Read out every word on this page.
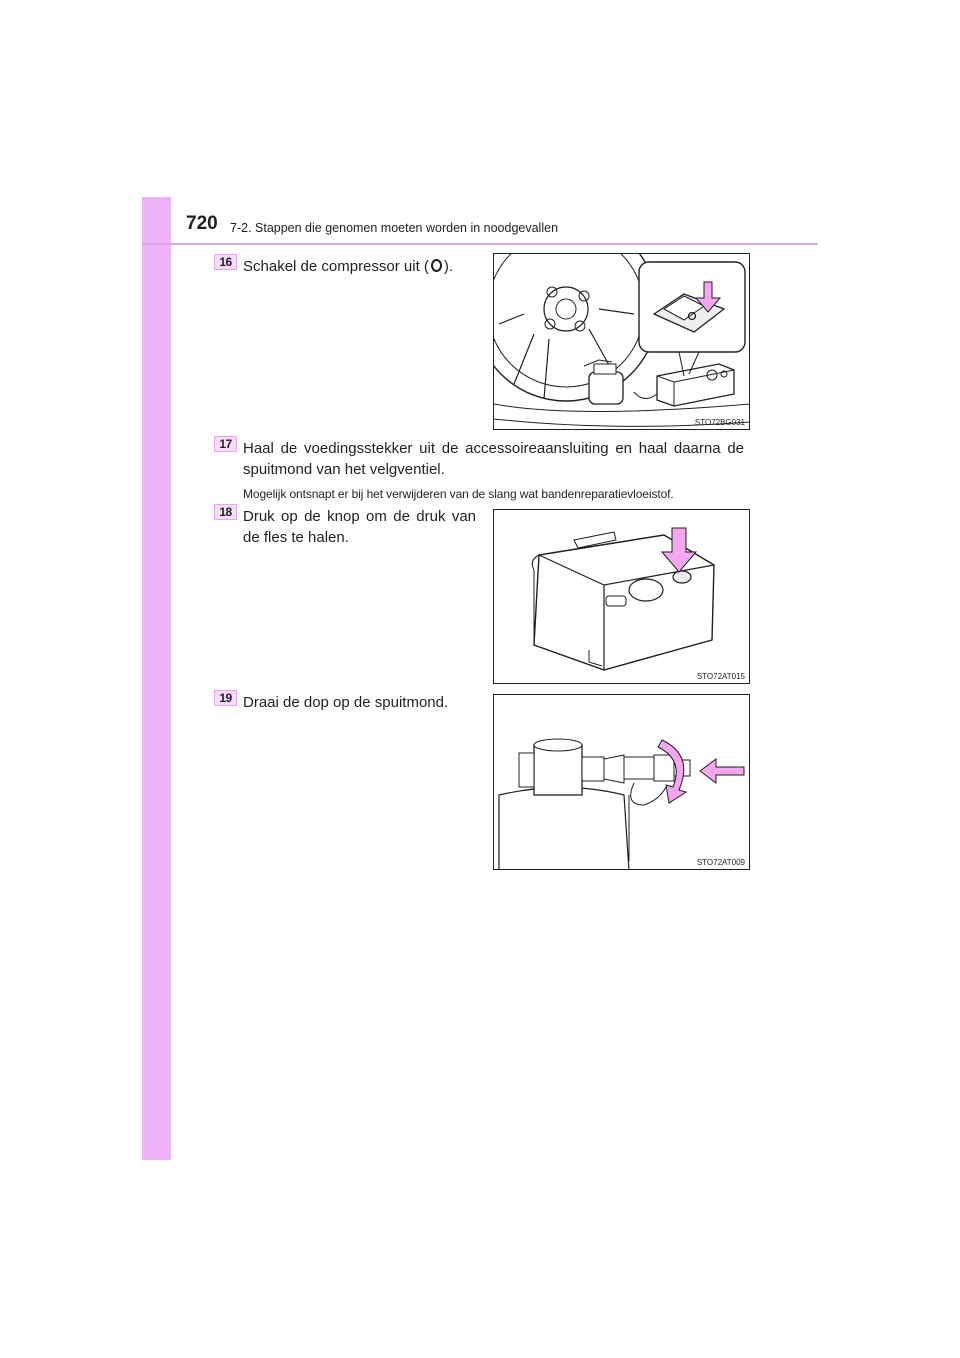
720 7-2. Stappen die genomen moeten worden in noodgevallen
16 Schakel de compressor uit ( ).
STO72BG031
17 Haal de voedingsstekker uit de accessoireaansluiting en haal daarna de spuitmond van het velgventiel.
Mogelijk ontsnapt er bij het verwijderen van de slang wat bandenreparatievloeistof.
18 Druk op de knop om de druk van de fles te halen.
STO72AT015
19 Draai de dop op de spuitmond.
STO72AT009
